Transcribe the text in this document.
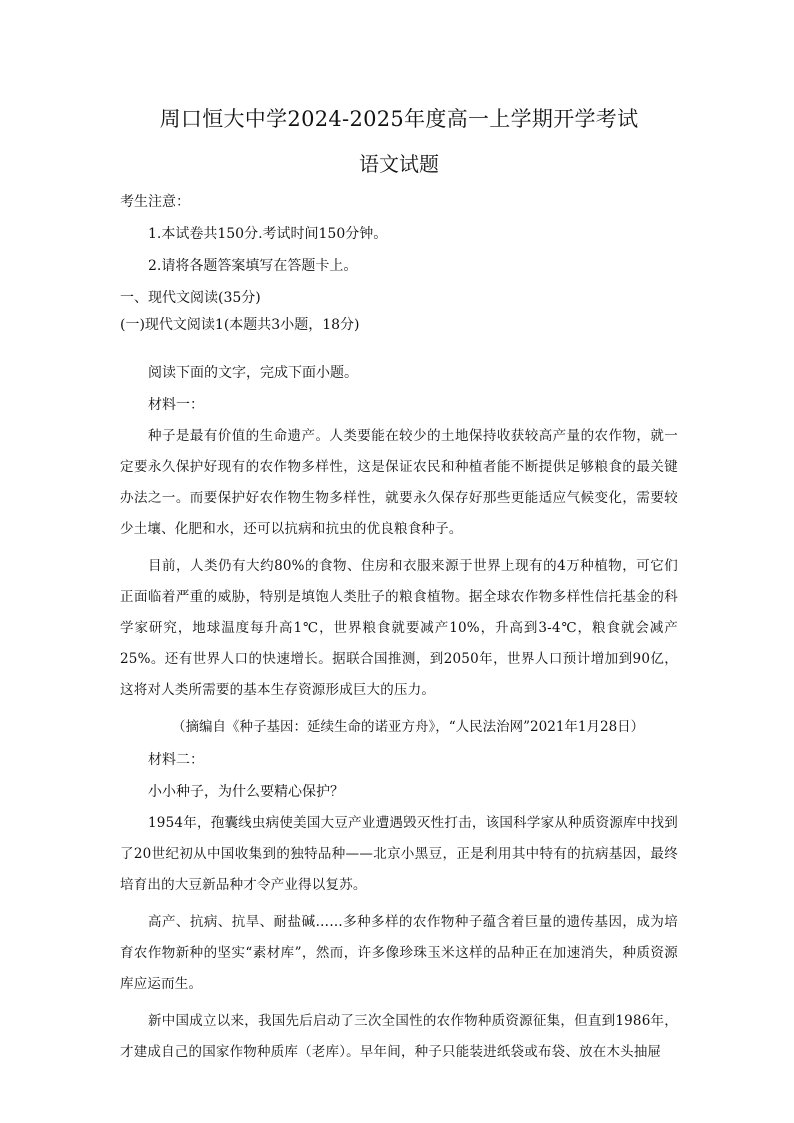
周口恒大中学2024-2025年度高一上学期开学考试
语文试题
考生注意：
1.本试卷共150分.考试时间150分钟。
2.请将各题答案填写在答题卡上。
一、现代文阅读(35分)
(一)现代文阅读1(本题共3小题，18分)
阅读下面的文字，完成下面小题。
材料一：
种子是最有价值的生命遗产。人类要能在较少的土地保持收获较高产量的农作物，就一定要永久保护好现有的农作物多样性，这是保证农民和种植者能不断提供足够粮食的最关键办法之一。而要保护好农作物生物多样性，就要永久保存好那些更能适应气候变化，需要较少土壤、化肥和水，还可以抗病和抗虫的优良粮食种子。
目前，人类仍有大约80%的食物、住房和衣服来源于世界上现有的4万种植物，可它们正面临着严重的威胁，特别是填饱人类肚子的粮食植物。据全球农作物多样性信托基金的科学家研究，地球温度每升高1℃，世界粮食就要减产10%，升高到3-4℃，粮食就会减产25%。还有世界人口的快速增长。据联合国推测，到2050年，世界人口预计增加到90亿，这将对人类所需要的基本生存资源形成巨大的压力。
（摘编自《种子基因：延续生命的诺亚方舟》，“人民法治网”2021年1月28日）
材料二：
小小种子，为什么要精心保护？
1954年，孢囊线虫病使美国大豆产业遭遇毁灭性打击，该国科学家从种质资源库中找到了20世纪初从中国收集到的独特品种——北京小黑豆，正是利用其中特有的抗病基因，最终培育出的大豆新品种才令产业得以复苏。
高产、抗病、抗旱、耐盐碱……多种多样的农作物种子蕴含着巨量的遗传基因，成为培育农作物新种的坚实“素材库”，然而，许多像珍珠玉米这样的品种正在加速消失，种质资源库应运而生。
新中国成立以来，我国先后启动了三次全国性的农作物种质资源征集，但直到1986年，才建成自己的国家作物种质库（老库）。早年间，种子只能装进纸袋或布袋、放在木头抽屉
